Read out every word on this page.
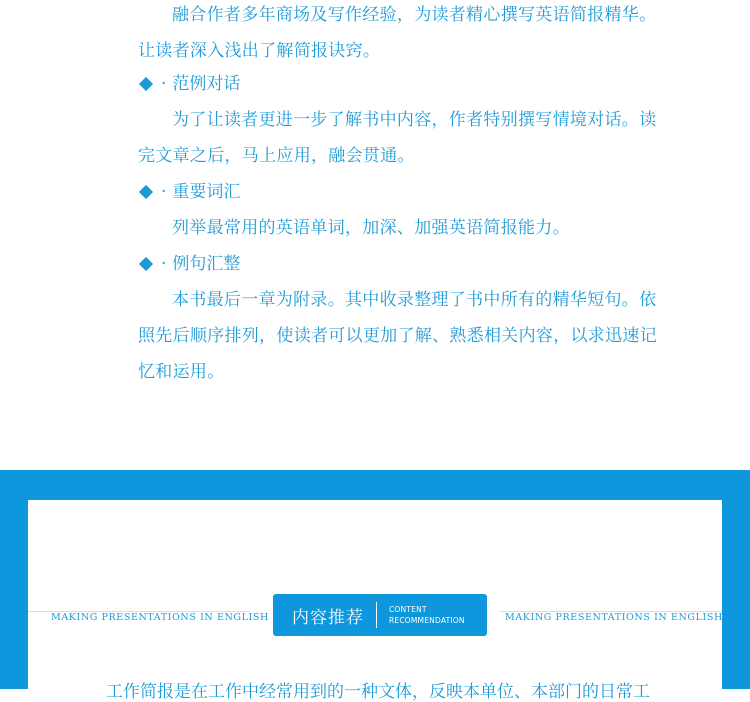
融合作者多年商场及写作经验，为读者精心撰写英语简报精华。让读者深入浅出了解简报诀窍。

· 范例对话

为了让读者更进一步了解书中内容，作者特别撰写情境对话。读完文章之后，马上应用，融会贯通。

· 重要词汇

列举最常用的英语单词，加深、加强英语简报能力。

· 例句汇整

本书最后一章为附录。其中收录整理了书中所有的精华短句。依照先后顺序排列，使读者可以更加了解、熟悉相关内容，以求迅速记忆和运用。

MAKING PRESENTATIONS IN ENGLISH 内容推荐	CONTENT
RECOMMENDATION	MAKING PRESENTATIONS IN ENGLISH
工作简报是在工作中经常用到的一种文体，反映本单位、本部门的日常工
